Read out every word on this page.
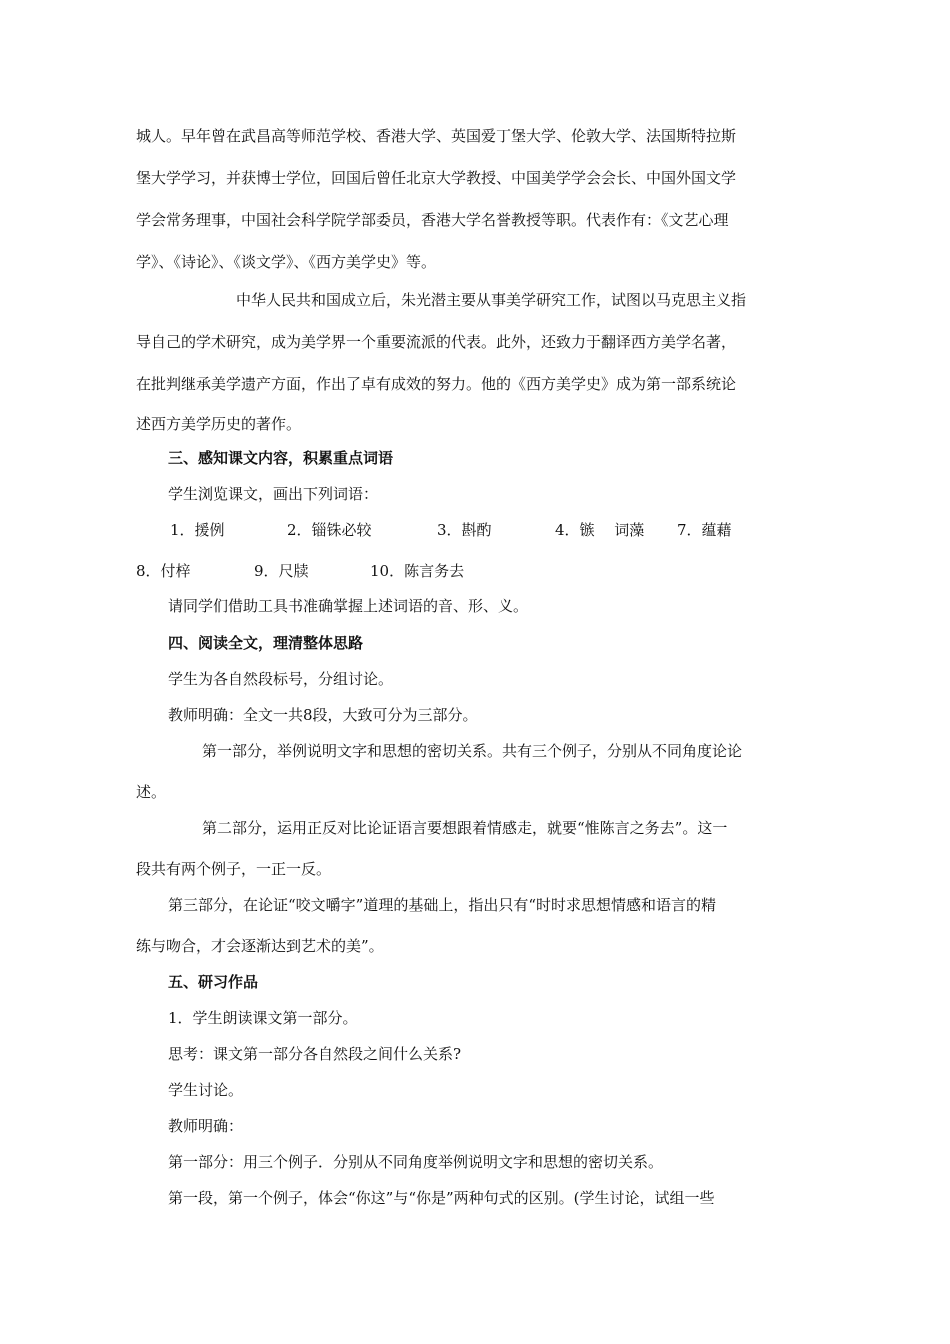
城人。早年曾在武昌高等师范学校、香港大学、英国爱丁堡大学、伦敦大学、法国斯特拉斯

堡大学学习，并获博士学位，回国后曾任北京大学教授、中国美学学会会长、中国外国文学

学会常务理事，中国社会科学院学部委员，香港大学名誉教授等职。代表作有：《文艺心理

学》、《诗论》、《谈文学》、《西方美学史》等。

中华人民共和国成立后，朱光潜主要从事美学研究工作，试图以马克思主义指

导自己的学术研究，成为美学界一个重要流派的代表。此外，还致力于翻译西方美学名著，

在批判继承美学遗产方面，作出了卓有成效的努力。他的《西方美学史》成为第一部系统论

述西方美学历史的著作。

三、感知课文内容，积累重点词语

学生浏览课文，画出下列词语：

1．援例	2．锱铢必较	3．斟酌	4．镞　 词藻 7．蕴藉
8．付梓	9．尺牍	10．陈言务去

请同学们借助工具书准确掌握上述词语的音、形、义。

四、阅读全文，理清整体思路

学生为各自然段标号，分组讨论。

教师明确：全文一共8段，大致可分为三部分。

第一部分，举例说明文字和思想的密切关系。共有三个例子，分别从不同角度论论

述。

第二部分，运用正反对比论证语言要想跟着情感走，就要“惟陈言之务去”。这一

段共有两个例子，一正一反。

第三部分，在论证“咬文嚼字”道理的基础上，指出只有“时时求思想情感和语言的精

练与吻合，才会逐渐达到艺术的美”。

五、研习作品

1．学生朗读课文第一部分。

思考：课文第一部分各自然段之间什么关系?

学生讨论。

教师明确：

第一部分：用三个例子．分别从不同角度举例说明文字和思想的密切关系。

第一段，第一个例子，体会“你这”与“你是”两种句式的区别。(学生讨论，试组一些
